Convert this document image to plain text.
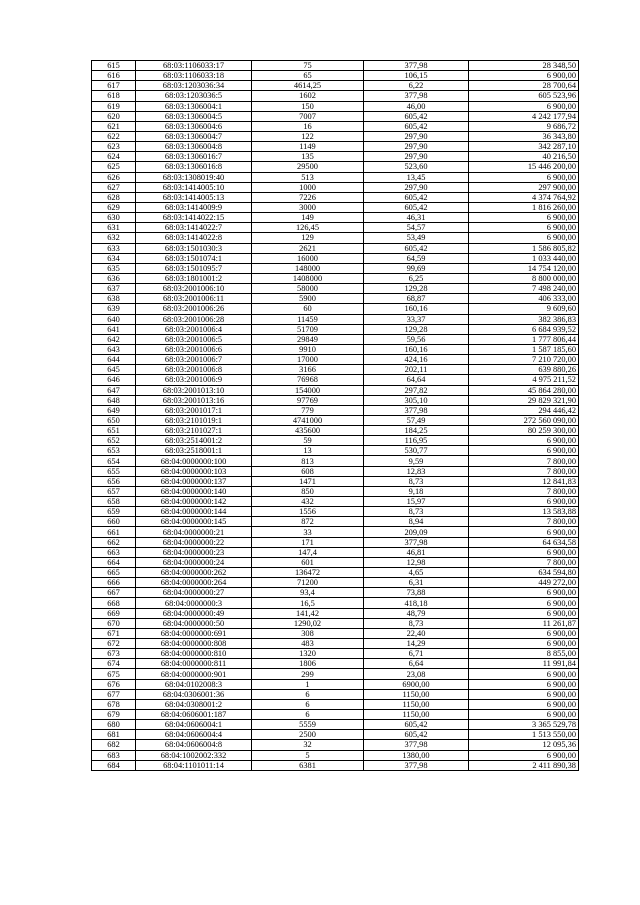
615	68:03:1106033:17	75	377,98	28 348,50
616	68:03:1106033:18	65	106,15	6 900,00
617	68:03:1203036:34	4614,25	6,22	28 700,64
618	68:03:1203036:5	1602	377,98	605 523,96
619	68:03:1306004:1	150	46,00	6 900,00
620	68:03:1306004:5	7007	605,42	4 242 177,94
621	68:03:1306004:6	16	605,42	9 686,72
622	68:03:1306004:7	122	297,90	36 343,80
623	68:03:1306004:8	1149	297,90	342 287,10
624	68:03:1306016:7	135	297,90	40 216,50
625	68:03:1306016:8	29500	523,60	15 446 200,00
626	68:03:1308019:40	513	13,45	6 900,00
627	68:03:1414005:10	1000	297,90	297 900,00
628	68:03:1414005:13	7226	605,42	4 374 764,92
629	68:03:1414009:9	3000	605,42	1 816 260,00
630	68:03:1414022:15	149	46,31	6 900,00
631	68:03:1414022:7	126,45	54,57	6 900,00
632	68:03:1414022:8	129	53,49	6 900,00
633	68:03:1501030:3	2621	605,42	1 586 805,82
634	68:03:1501074:1	16000	64,59	1 033 440,00
635	68:03:1501095:7	148000	99,69	14 754 120,00
636	68:03:1801001:2	1408000	6,25	8 800 000,00
637	68:03:2001006:10	58000	129,28	7 498 240,00
638	68:03:2001006:11	5900	68,87	406 333,00
639	68:03:2001006:26	60	160,16	9 609,60
640	68:03:2001006:28	11459	33,37	382 386,83
641	68:03:2001006:4	51709	129,28	6 684 939,52
642	68:03:2001006:5	29849	59,56	1 777 806,44
643	68:03:2001006:6	9910	160,16	1 587 185,60
644	68:03:2001006:7	17000	424,16	7 210 720,00
645	68:03:2001006:8	3166	202,11	639 880,26
646	68:03:2001006:9	76968	64,64	4 975 211,52
647	68:03:2001013:10	154000	297,82	45 864 280,00
648	68:03:2001013:16	97769	305,10	29 829 321,90
649	68:03:2001017:1	779	377,98	294 446,42
650	68:03:2101019:1	4741000	57,49	272 560 090,00
651	68:03:2101027:1	435600	184,25	80 259 300,00
652	68:03:2514001:2	59	116,95	6 900,00
653	68:03:2518001:1	13	530,77	6 900,00
654	68:04:0000000:100	813	9,59	7 800,00
655	68:04:0000000:103	608	12,83	7 800,00
656	68:04:0000000:137	1471	8,73	12 841,83
657	68:04:0000000:140	850	9,18	7 800,00
658	68:04:0000000:142	432	15,97	6 900,00
659	68:04:0000000:144	1556	8,73	13 583,88
660	68:04:0000000:145	872	8,94	7 800,00
661	68:04:0000000:21	33	209,09	6 900,00
662	68:04:0000000:22	171	377,98	64 634,58
663	68:04:0000000:23	147,4	46,81	6 900,00
664	68:04:0000000:24	601	12,98	7 800,00
665	68:04:0000000:262	136472	4,65	634 594,80
666	68:04:0000000:264	71200	6,31	449 272,00
667	68:04:0000000:27	93,4	73,88	6 900,00
668	68:04:0000000:3	16,5	418,18	6 900,00
669	68:04:0000000:49	141,42	48,79	6 900,00
670	68:04:0000000:50	1290,02	8,73	11 261,87
671	68:04:0000000:691	308	22,40	6 900,00
672	68:04:0000000:808	483	14,29	6 900,00
673	68:04:0000000:810	1320	6,71	8 855,00
674	68:04:0000000:811	1806	6,64	11 991,84
675	68:04:0000000:901	299	23,08	6 900,00
676	68:04:0102008:3	1	6900,00	6 900,00
677	68:04:0306001:36	6	1150,00	6 900,00
678	68:04:0308001:2	6	1150,00	6 900,00
679	68:04:0606001:187	6	1150,00	6 900,00
680	68:04:0606004:1	5559	605,42	3 365 529,78
681	68:04:0606004:4	2500	605,42	1 513 550,00
682	68:04:0606004:8	32	377,98	12 095,36
683	68:04:1002002:332	5	1380,00	6 900,00
684	68:04:1101011:14	6381	377,98	2 411 890,38
